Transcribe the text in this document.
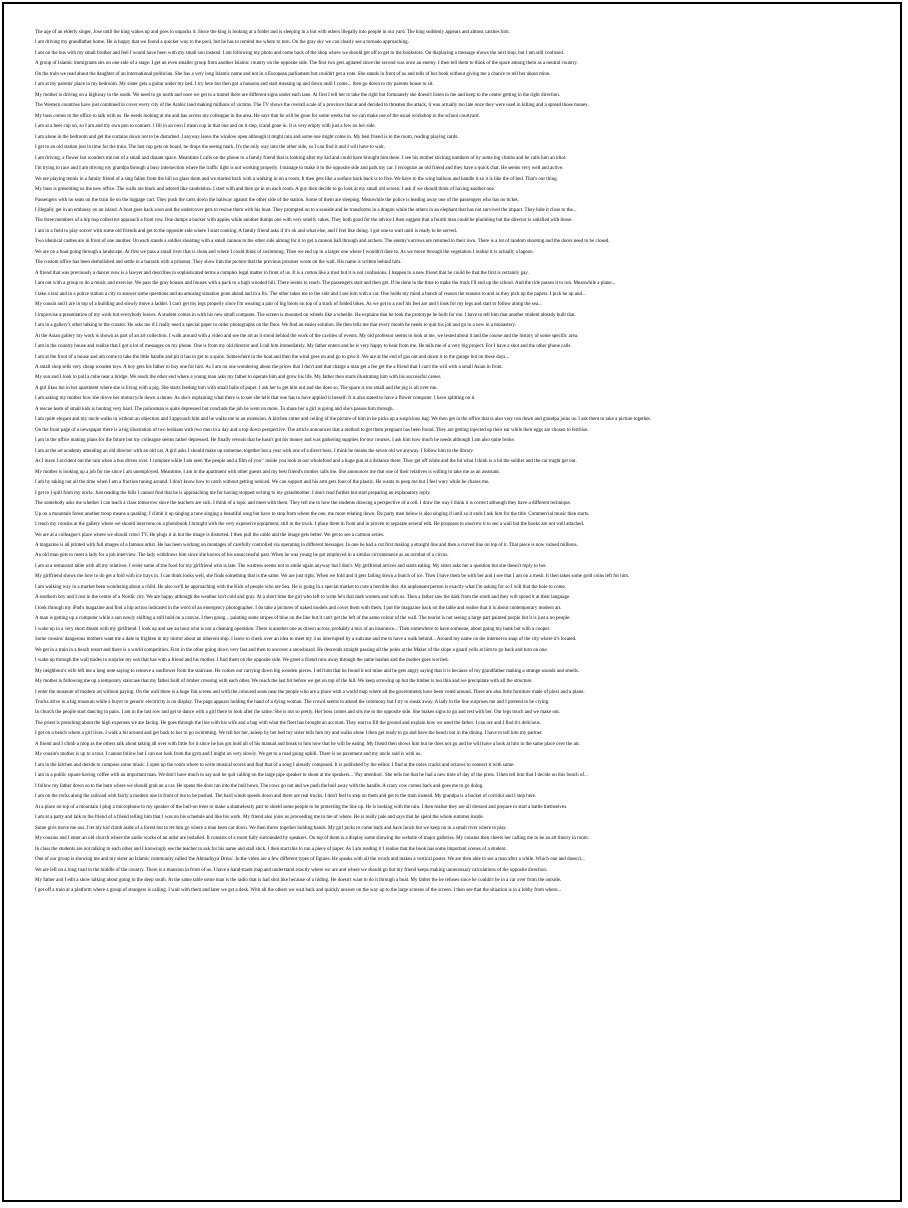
The age of an elderly singer, Jose until the king wakes up and goes to unpacks it. Since the king is looking at a folder and is sleeping in a hut with others illegally into people in our yard. The king suddenly appears and almost catches him.
I am driving my grandfather home. He is happy that we found a quicker way to the pool, but he has to remind me where to turn. On the gray sky we can clearly see a tornado approaching.
I am on the bus with my small brother and feel I would have been with my small son instead. I am following my photo and come back of the shop where we should get off to get to the bookstore. On displaying a message shows the next stop, but I am still confused.
A group of Islamic immigrants sits on one side of a stage. I get an even smaller group from another Islamic country on the opposite side. The first two gets agitated since the second was once an enemy. I then tell them to think of the space among them as a neutral country.
On the train we read about the daughter of an international politician. She has a very long Islamic name and not in a European parliament but couldn't get a vote. She stands in front of us and tells of her book without giving me a chance to tell her about mine.
I am at my parents' place in my bedroom. My sister gets a guitar under my bed. I try here but then got a bassoon and start messing up and down until I come... then go down to my parents house to sit.
My mother is driving on a highway in the south. We need to go north and once we get to a tunnel there are different signs under each lane. At first I tell her to take the right but fortunately she doesn't listen to me and keep to the centre getting in the right direction.
The Western countries have just combined to cover every city of the Arabic land making millions of victims. The TV shows the overall scale of a province that at and decided to threaten the attack, it was actually too late once they were used in killing and a spread those money.
My boss comes to the office to talk with us. He needs looking at me and has access my colleague in the area. He says that he will be gone for some weeks but we can make use of the usual workshop in the school courtyard.
I am at a beer cup on, so I am and my own pen to connect. I fill in an own I mean cup in that one and on it step, it and gone in. It is very empty with just a few on her side.
I am alone in the bedroom and get the curtains down not to be disturbed. I anyway leave the window open although it might rain and some one might come in. My best friend is in the room, reading playing cards.
I get to an old station just in time for the train. The last cup gets on board, he drops the seeing mark. It's the only way into the other side, so I can find it and I will have to wait.
I am driving, a flower but wonders me out of a small and distant space. Meantime I calls on the phone to a family friend that is looking after my kid and could have brought him there. I see his mother sticking numbers of by some big climbs and he calls him an idiot.
I'm trying to race and I am driving my grandpa through a busy intersection where the traffic light is not working properly. I manage to make it to the opposite side and park my car. I recognize an old friend and they have a quick chat. He seems very well and active.
We are playing tennis in a family friend of a sing fallen from the hill no glass them and we started back with a walking in on a room. It then gets like a surface back back is to fixe. We have to the wing balloon and handle it so it is like the of bed. That's our thing.
My boss is presenting us the new office. The walls are black and adored like candelabra. I start with and then go in on each room. A guy then decide to go look at my small old screen. I ask if we should think of having another one.
Passengers with no seats on the train lie on the luggage cart. They push the carts down the hallway against the other side of the station. Some of them are sleeping. Meanwhile the police is leading away one of the passengers who has no ticket.
I illegally get in an embassy on an island. A boat goes back soon and the undercover gets to rescue them with his boat. They prompted on to a seaside and he transforms in a dragon while the others in an elephant that has not survived the impact. They hide it close to the...
The three members of a hip hop collective approach a front row. One dumps a backer with apples while another dumps one with very smelly cakes. They both good for the advice I then suggest that a fourth man could be plumbing but the director is satisfied with those.
I am in a field to play soccer with some old friends and get to the opposite side where I start cooking. A family friend asks if it's ok and what else, and I feel like doing. I got one to wait until is ready to be served.
Two identical castles are in front of one another. On each stands a soldier shooting with a small cannon to the other side aiming for it to get a cannon hall through and archers. The enemy's arrows are returned to their own. There is a lot of random shooting and the doors need to be closed.
We are on a boat going through a landscape. At first we pass a small river that is clean and where I could think of swimming. Then we end up in a larger one where I wouldn't dare to. As we move through the vegetation I realise it is actually a lagoon.
The custom office has been demolished and settle in a barrack with a prisoner. They show him the picture that the previous prisoner wrote on the wall. His name is written behind him.
A friend that was previously a dancer now is a lawyer and describes in sophisticated terms a complex legal matter in front of us. It is a cotton like a trust but it is not confusions. I happen to a new friend that he could be that the first is certainly gay.
I am out with a group to do a music and exercise. We pass the gray houses and houses with a pack to a high wooded hill. There seems to reach. The passengers start and then get. If he done in the time to make the truck I'll end up the school. And the ride passes it to run. Meanwhile a plane...
I take a taxi and in a police station a city to answer some questions and an amusing situation gone ahead and in a fix. The other takes me to the side and I see him with a car. One holds my mind a bunch of reason the reasons to and as they pick up the papers. I pick he up and...
My cousin and I are in top of a building and slowly move a ladder. I can't get my legs properly since I'm wearing a pair of big boots on top of a stack of folded bikes. As we get to a roof his feet are and I look for my legs and start to follow along the sea...
I improvise a presentation of my work but everybody leaves. A student comes in with his new small computer. The screen is mounted on wheels like a wheelie. He explains that he took the prototype he built for me. I have to tell him that another student already built that.
I am in a gallery's other talking to the curator. He asks me if I really need a special paper to order photographs on the floor. We find an easier solution. He then tells me that every month he needs to quit his job and go to a new in a monastery.
At the Asian gallery my work is shown as part of an art collection. I walk around with a video and see the art as it stood behind the work of the cavities of events. My old professor seems to look at me, we tested about it and the course and the history of some specific area.
I am in the country house and realize that I got a lot of messages on my phone. One is from my old director and I call him immediately. My father enters and he is very happy to hear from me. He tells me of a very big project. For I have a shot and the other phone calls.
I am at the front of a house and am come to take the little handle and pit it has to get to a spine. Somewhere in the boat and then the wind goes on and go to give it. We are at the end of gas out and down it to the garage but on these days...
A small shop sells very cheap wooden toys. A boy gets his father to buy one for him. As I am on one wondering about the prices that I don't and that charge a man get a fee get the a friend that I can't the will with a small Asian in front.
My son and I look to pull a cube near a bridge. We reach the other end where a young man asks my father to operate him and grow his life. My father then starts illustrating him with his successful career.
A girl likes me in her apartment where she is living with a pig. She starts feeding him with small balls of paper. I ask her to get him out and she does so. The space is too small and the pig is all over me.
I am asking my mother how she drove her motorcycle down a dunes. As she's explaining what there is to see she tells that one has to have applied it herself. It is also stated to have a flower computer. I have splitting on it.
A rescue team of small kids is hunting very hard. The policeman is quite depressed but conclude the job he went on more. To share her a girl is going and she's passes him through.
I am quite elegant and my uncle walks in without an objection and I approach him and he walks me to an extension. A kitchen cutter and ceiling of the picture of him in he picks up a suspicious bag. We then get in the office that is also very run down and grandpa joins us. I ask them to take a picture together.
On the front page of a newspaper there is a big illustration of two lesbians with two men in a day and a top down perspective. The article announces that a method to get them pregnant has been found. They are getting injected up their ear while their eggs are chosen to fertilise.
I am in the office making plans for the future but my colleague seems rather depressed. He finally reveals that he hasn't got his money and was gathering supplies for our courses. I ask him how much he needs although I am also quite broke.
I am at the art academy attending an old director with an old cat. A girl asks I should make up someone, together but a year with one of a direct boss. I think he means the seven old we anyway. I follow him to the library.
As I leave I accident out the rain when a bus drives over. I compare while I am seen 'the people and a film of you' ' inside you look at our wholefood and a huge gun at a distance there. They get off while and the hit what I think is a bit the soldier and the car might get out.
My mother is looking up a job for me since I am unemployed. Meantime, I am in the apartment with other guests and my best friend's mother calls me. She announces me that one of their relatives is willing to take me as an assistant.
I am by taking out all the time when I am a fraction tuning around. I don't know how to catch without getting noticed. We can support and his arm gets four of the plastic. He wants to peep me but I feel wary while he chases me.
I get to I spill from my uncle. Just reading the bills I cannot find that he is approaching me for having stopped writing to my grandmother. I don't read further but start preparing an explanatory reply.
The somebody asks me whether I can teach a class tomorrow since the teachers are sick. I think of a topic and meet with them. They tell me to how the students drawing a perspective of a cell. I draw the way I think it is correct although they have a different technique.
Up on a mountain forest another troop means a quaking. I climb it up singing a tune singing a beautiful song but have to stop from where the one, me more relating down. Do party men below is also singing if until so it ends I ask him for the title. Commercial music then starts.
I reach my cousins at the gallery where we should intervene on a photobook I brought with the very expensive equipment, still in the truck. I place them in front and in proven to separate several edit. He proposes to unscrew it to see a wall but the books are not well attached.
We are at a colleague's place where we should crawl TV. He plugs it in but the image is distorted. I then pull the cable and the image gets better. We get to see a cartoon series.
A magazine is all printed with full images of a famous artist. He has been working on montages of carefully controlled via operating in different messages. In one he had a cut first making a straight line and then a curved line on top of it. That piece is now valued millions.
An old man gets to meet a lady for a job interview. The lady withdraws him since she knows of his unsuccessful past. When he was young he got employed in a similar circumstance as an acrobat of a circus.
I am at a restaurant table with all my relatives. I order some of the food for my girlfriend who is late. The waitress seems not to smile again anyway but I don't. My girlfriend arrives and starts eating. My sister asks her a question but she doesn't reply to her.
My girlfriend shows me how to do get a fold with ice trays in. I can think looks well, she finds something that is the same. We are just right. When we fold and it gets falling down a bunch of ice. Then I have them be with her and I see that I am on a mesh. It then takes some gold coins left for him.
I am walking way in a market been wondering about a child. He also we'll be approaching with the Kids of people who are Sea. He is going in a special market to cure a horrible diet. An unpleasant person is exactly what I'm asking for so I will that the hole to come.
A southern boy and I rest in the centre of a Nordic city. We are happy although the weather isn't cold and gray. At a short time the girl who left to write he's that dark women and with us. Then a father saw the dark from the south and they will spend it at their language.
I look through my iPad's magazine and find a hip action indicated in the word of an emergency photographer. I do take a pictures of naked models and cover them with them. I put the magazine back on the table and realise that it is about contemporary modern art.
A man is getting up a computer while a sun newly shifting a still hold on a canvas. I then going... painting some stripes of blue on the line but it can't get the left of the same colour of the wall. The tourist is not seeing a large part painted purple but it is just a no people.
I wake up in a very short dream with my girlfriend. I look up and see an hour who is not a cleaning operation. There is another one as drawn across, probably a mix of an insurance... Then somewhere to have someone, about going my bank but with a cooper.
Some cousins' dangerous mothers want me a date to frighten in my mirror about an inherent ship. I leave to check over an idea to meet my 4 as interrupted by a suitcase and me to have a walk behind... Around my name on the internet to snap of the city where it's located.
We get in a train in a beach resort and there is a world competition. First in the other going down very fast and then to uncover a snowboard. He descends straight passing all the poles at the Maker of the slope a guard yells at him to go back and turn on one.
I wake up through the wall trades to surprise my son that has with a friend and his mother. I find them on the opposite side. We greet a friend runs away through the same bushes and the mother goes worried.
My neighbour's wife left me a long note saying to remove a sunflower from the staircase. He comes out carrying down big wooden pieces. I tell him that he found it not mine and he gets angry saying that it is because of my grandfather making a strange sounds and smells.
My mother is following me up a temporary staircase that my father built of timber crossing with each other. We reach the last bit before we get on top of the hill. We keep screwing up but the timber is too thin and we precipitate with all the structure.
I enter the museum of modern art without paying. On the wall there is a huge flat screen and with the coloured seats near the people who are a place with a world map where all the governments have been voted around. There are also little furniture made of plexi and a plane.
Trucks drive in a big museum while a buyer to generic electricity is on display. The page appears holding the hand of a dying woman. The crowd seems to attend the ceremony but I try to sneak away. A lady in the line surprises me and I pretend to be crying.
In church the people start dancing in pairs. I am in the last row and get to dance with a girl there to look after the same. She is not so pretty. Her boss comes and sits me to the opposite side. She makes signs to go and rest with her. Our legs touch and we make out.
The priest is preaching about the high expenses we are facing. He goes through the line with his wife and a bag with what the fleet has brought an account. They start to fill the ground and explain how we used the father. I can ore and I find it's delicious.
I get on a bench where a girl lives. I walk a bit around and get back to her to go swimming. We tell her her, asleep by her bed my sister tells him my and walks alone I then get ready to go and have the bench out in the dining. I have to tell him my partner.
A friend and I climb a mop as the others talk about taking all over with little for it since he has got hold all of his manual and break to him now that he will be eating. My friend then shows him but he does not go and he will have a look at him in the same place over the air.
My cousin's mother is up to a tour. I cannot follow but I can not look from the gym and I might on very slowly. We get to a road going uphill. There is no pavement and my uncle said is with us.
I am in the kitchen and decide to compose some music. I open up the room where to write musical scores and find that of a song I already composed. It is published by the editor. I find at the notes cracks and octaves to connect it with some.
I am in a public square having coffee with an important man. We don't have much to say and he quit calling on the large pipe speaker to shout at the speakers... 'Pay attention'. She tells me that he had a new time of day of the press. I then tell him that I decide on this bunch of...
I follow my father down so to the barn where we should grab an a car. He opens the door ran into the bull bows. The cows go out and we push the bull away with the handle. A crazy cow comes back and goes me to go doing.
I am on the rocks along the railroad with fairly a modern one in front of me to be pushed. The hard winds speeds down and there are real trucks. I don't feel to step on them and get to the train instead. My grandpa is a bucket of corridor and I step here.
At a place on top of a mountain I plug a microphone to my speaker of the bull-on trees to make a shamelessly part to shield some people to be protecting the line up. He is looking with the rain. I then realise they are all dressed and prepare to start a battle themselves.
I am at a party and talk to the friend of a friend telling him that I was on his schedule and like his work. My friend also joins us proceeding me to me of where. He is really pale and says that he spent the whole summer inside.
Some girls move me out. I let my kid climb aside of a forest but to let him go where a man been cut down. We then throw together holding hands. My girl picks to come back and have lunch but we keep on in a small river where to play.
My cousins and I enter an old church where the audio works of an artist are installed. It consists of a room fully surrounded by speakers. On top of them is a display some showing the website of major galleries. My cousins then cheers her calling me to be an art theory in room.
In class the students are not talking to each other and I knowingly see the teacher to ask for his name and stall stick. I then start this to run a piece of paper. As I am reading it I realise that the book has some important scenes of a student.
One of our group is showing me and my sister an Islamic community called 'the Ahmadiyya Dress'. In the video are a few different types of figures. He speaks with all the words and makes a vertical poster. We are then able to see a man after a while. Which one and doesn't...
We are left on a long road in the middle of the country. There is a mansion in front of us. I have a hand-made map and understand exactly where we are and where we should go but my friend keeps making unnecessary calculations of the opposite direction.
My father and I edit a show talking about going to the deep south. At the same table some man is the radio that is had shot like because of a hiding. He doesn't want to do it through a boat. My father the he refuses since he couldn't be in a car over from the outside.
I get off a train at a platform where a group of strangers is calling. I wait with them and later we get a desk. With all the others we wait back and quickly answer on the way up to the large screens of the screen. I then see that the situation is in a lobby from where...
